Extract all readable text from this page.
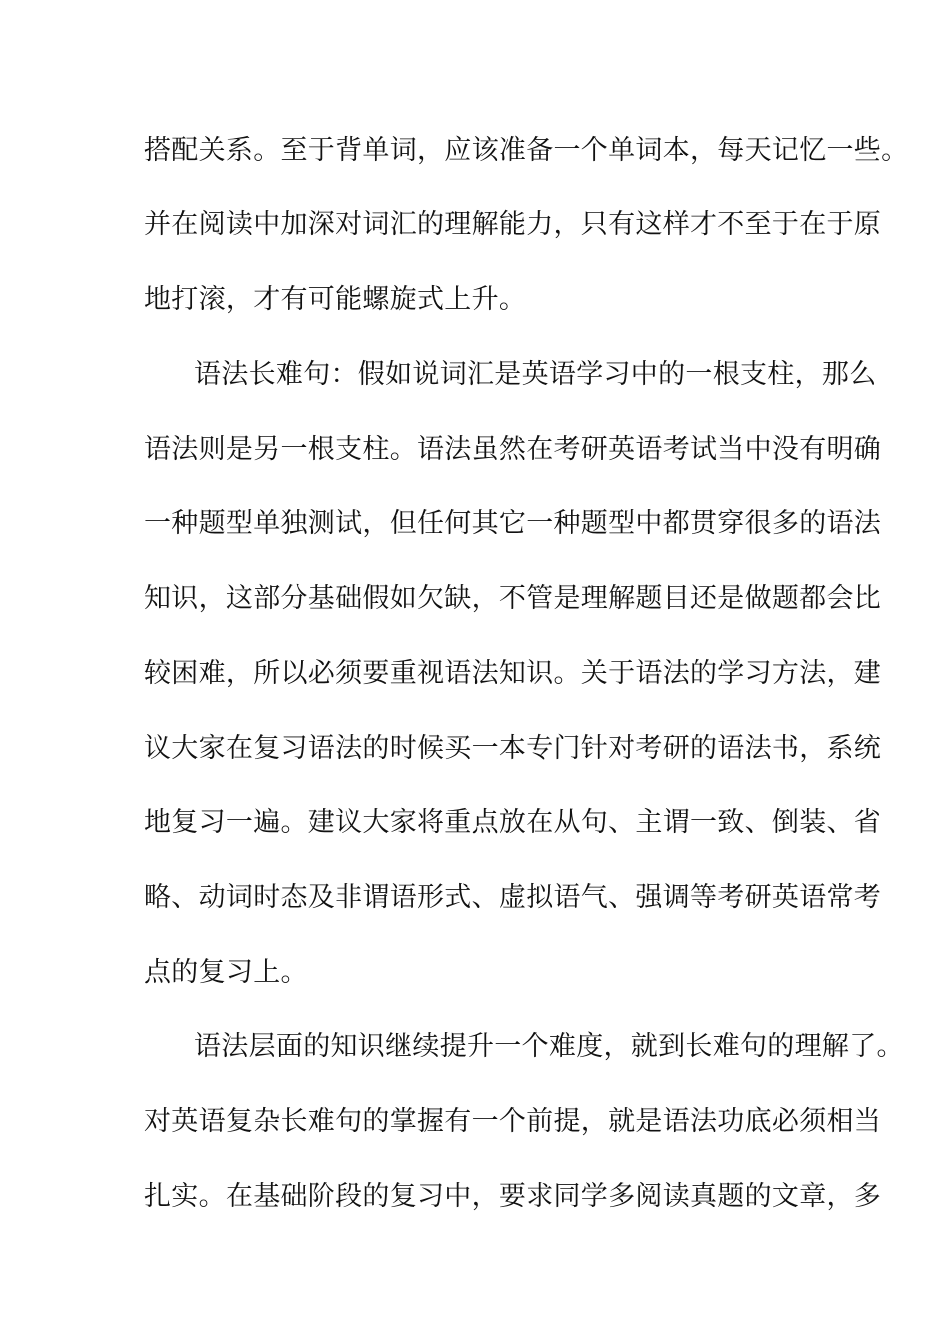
搭配关系。至于背单词，应该准备一个单词本，每天记忆一些。
并在阅读中加深对词汇的理解能力，只有这样才不至于在于原
地打滚，才有可能螺旋式上升。
语法长难句：假如说词汇是英语学习中的一根支柱，那么
语法则是另一根支柱。语法虽然在考研英语考试当中没有明确
一种题型单独测试，但任何其它一种题型中都贯穿很多的语法
知识，这部分基础假如欠缺，不管是理解题目还是做题都会比
较困难，所以必须要重视语法知识。关于语法的学习方法，建
议大家在复习语法的时候买一本专门针对考研的语法书，系统
地复习一遍。建议大家将重点放在从句、主谓一致、倒装、省
略、动词时态及非谓语形式、虚拟语气、强调等考研英语常考
点的复习上。
语法层面的知识继续提升一个难度，就到长难句的理解了。
对英语复杂长难句的掌握有一个前提，就是语法功底必须相当
扎实。在基础阶段的复习中，要求同学多阅读真题的文章，多
